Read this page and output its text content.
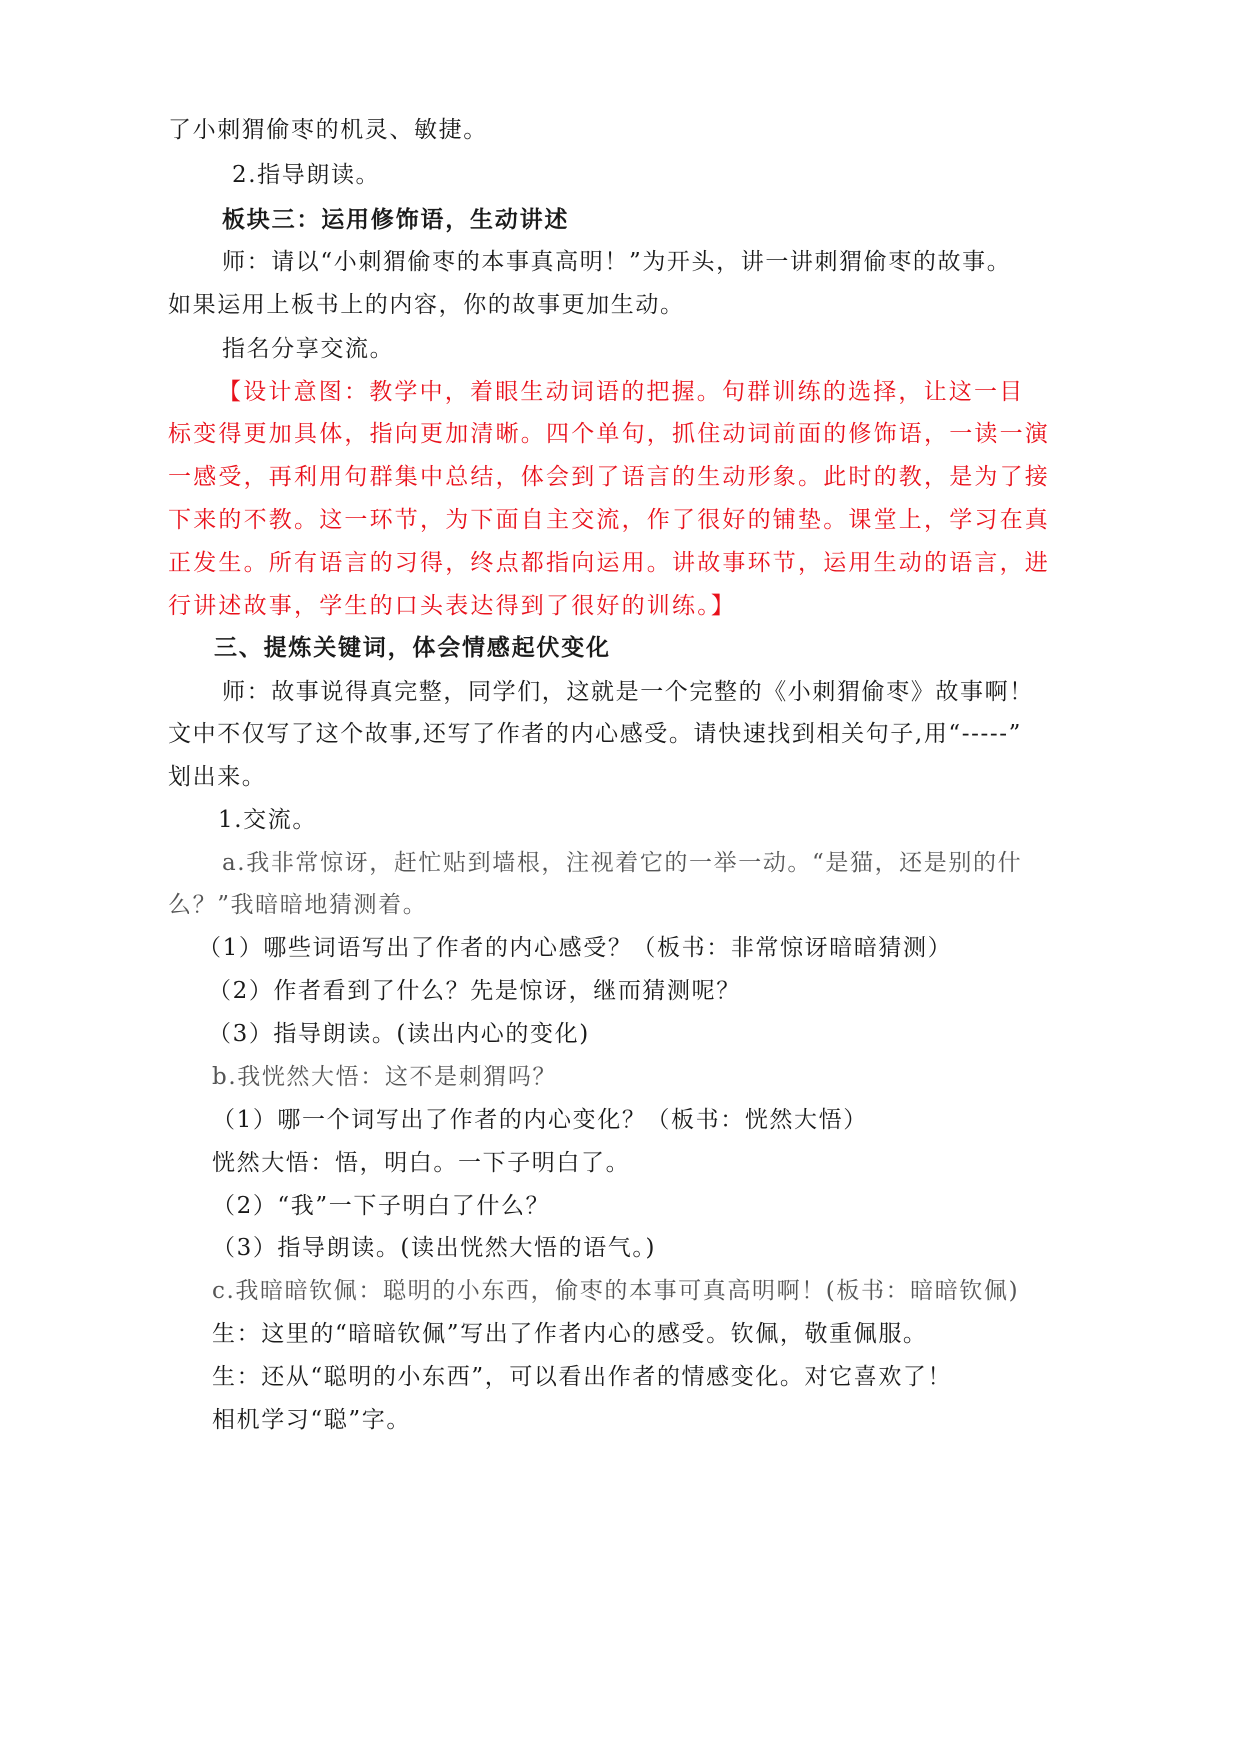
了小刺猬偷枣的机灵、敏捷。
2.指导朗读。
板块三：运用修饰语，生动讲述
师：请以“小刺猬偷枣的本事真高明！”为开头，讲一讲刺猬偷枣的故事。
如果运用上板书上的内容，你的故事更加生动。
指名分享交流。
【设计意图：教学中，着眼生动词语的把握。句群训练的选择，让这一目
标变得更加具体，指向更加清晰。四个单句，抓住动词前面的修饰语，一读一演
一感受，再利用句群集中总结，体会到了语言的生动形象。此时的教，是为了接
下来的不教。这一环节，为下面自主交流，作了很好的铺垫。课堂上，学习在真
正发生。所有语言的习得，终点都指向运用。讲故事环节，运用生动的语言，进
行讲述故事，学生的口头表达得到了很好的训练。】
三、提炼关键词，体会情感起伏变化
师：故事说得真完整，同学们，这就是一个完整的《小刺猬偷枣》故事啊！
文中不仅写了这个故事,还写了作者的内心感受。请快速找到相关句子,用“-----”
划出来。
1.交流。
a.我非常惊讶，赶忙贴到墙根，注视着它的一举一动。“是猫，还是别的什
么？”我暗暗地猜测着。
（1）哪些词语写出了作者的内心感受？（板书：非常惊讶暗暗猜测）
（2）作者看到了什么？先是惊讶，继而猜测呢？
（3）指导朗读。(读出内心的变化)
b.我恍然大悟：这不是刺猬吗？
（1）哪一个词写出了作者的内心变化？（板书：恍然大悟）
恍然大悟：悟，明白。一下子明白了。
（2）“我”一下子明白了什么？
（3）指导朗读。(读出恍然大悟的语气。)
c.我暗暗钦佩：聪明的小东西，偷枣的本事可真高明啊！(板书：暗暗钦佩)
生：这里的“暗暗钦佩”写出了作者内心的感受。钦佩，敬重佩服。
生：还从“聪明的小东西”，可以看出作者的情感变化。对它喜欢了！
相机学习“聪”字。
